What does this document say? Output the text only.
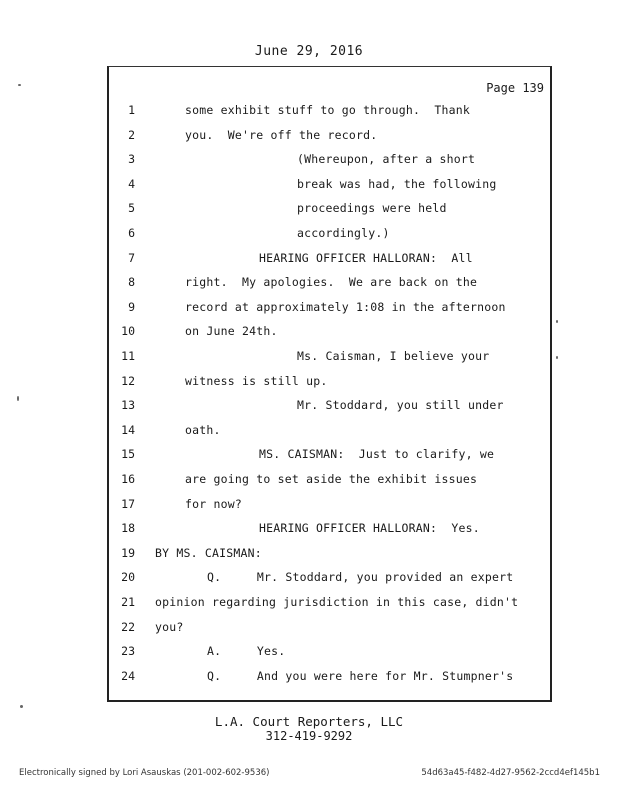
June 29, 2016
Page 139
1	some exhibit stuff to go through.  Thank
2	you.  We're off the record.
3	(Whereupon, after a short
4	break was had, the following
5	proceedings were held
6	accordingly.)
7	HEARING OFFICER HALLORAN:  All
8	right.  My apologies.  We are back on the
9	record at approximately 1:08 in the afternoon
10	on June 24th.
11	Ms. Caisman, I believe your
12	witness is still up.
13	Mr. Stoddard, you still under
14	oath.
15	MS. CAISMAN:  Just to clarify, we
16	are going to set aside the exhibit issues
17	for now?
18	HEARING OFFICER HALLORAN:  Yes.
19 BY MS. CAISMAN:
20	Q.     Mr. Stoddard, you provided an expert
21 opinion regarding jurisdiction in this case, didn't
22 you?
23	A.     Yes.
24	Q.     And you were here for Mr. Stumpner's
L.A. Court Reporters, LLC
312-419-9292
Electronically signed by Lori Asauskas (201-002-602-9536)	54d63a45-f482-4d27-9562-2ccd4ef145b1
